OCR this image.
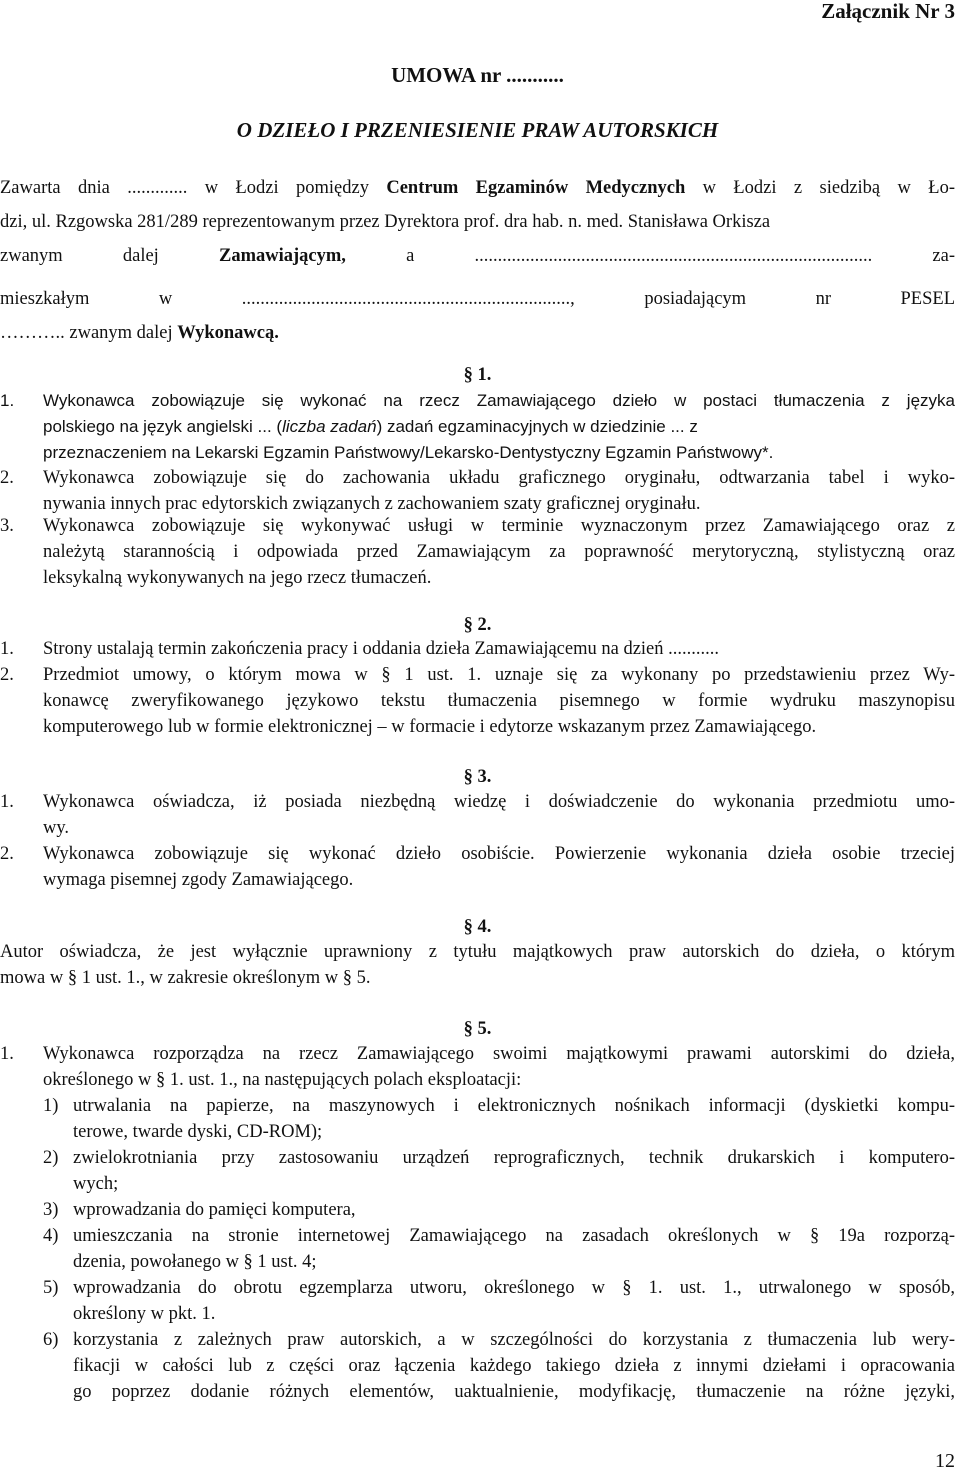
Załącznik Nr 3
UMOWA nr ...........
O DZIEŁO I PRZENIESIENIE PRAW AUTORSKICH
Zawarta dnia ............. w Łodzi pomiędzy Centrum Egzaminów Medycznych w Łodzi z siedzibą w Ło-
dzi, ul. Rzgowska 281/289 reprezentowanym przez Dyrektora prof. dra hab. n. med. Stanisława Orkisza
zwanym dalej Zamawiającym, a ...................................................................................... za-
mieszkałym w ......................................................................., posiadającym nr PESEL
……….. zwanym dalej Wykonawcą.
§ 1.
1.	Wykonawca zobowiązuje się wykonać na rzecz Zamawiającego dzieło w postaci tłumaczenia z języka
polskiego na język angielski ... (liczba zadań) zadań egzaminacyjnych w dziedzinie ... z
przeznaczeniem na Lekarski Egzamin Państwowy/Lekarsko-Dentystyczny Egzamin Państwowy*.
2.	Wykonawca zobowiązuje się do zachowania układu graficznego oryginału, odtwarzania tabel i wyko-
nywania innych prac edytorskich związanych z zachowaniem szaty graficznej oryginału.
3.	Wykonawca zobowiązuje się wykonywać usługi w terminie wyznaczonym przez Zamawiającego oraz z
należytą starannością i odpowiada przed Zamawiającym za poprawność merytoryczną, stylistyczną oraz
leksykalną wykonywanych na jego rzecz tłumaczeń.
§ 2.
1.	Strony ustalają termin zakończenia pracy i oddania dzieła Zamawiającemu na dzień ...........
2.	Przedmiot umowy, o którym mowa w § 1 ust. 1. uznaje się za wykonany po przedstawieniu przez Wy-
konawcę zweryfikowanego językowo tekstu tłumaczenia pisemnego w formie wydruku maszynopisu
komputerowego lub w formie elektronicznej – w formacie i edytorze wskazanym przez Zamawiającego.
§ 3.
1.	Wykonawca oświadcza, iż posiada niezbędną wiedzę i doświadczenie do wykonania przedmiotu umo-
wy.
2.	Wykonawca zobowiązuje się wykonać dzieło osobiście. Powierzenie wykonania dzieła osobie trzeciej
wymaga pisemnej zgody Zamawiającego.
§ 4.
Autor oświadcza, że jest wyłącznie uprawniony z tytułu majątkowych praw autorskich do dzieła, o którym
mowa w § 1 ust. 1., w zakresie określonym w § 5.
§ 5.
1.	Wykonawca rozporządza na rzecz Zamawiającego swoimi majątkowymi prawami autorskimi do dzieła,
określonego w § 1. ust. 1., na następujących polach eksploatacji:
1) utrwalania na papierze, na maszynowych i elektronicznych nośnikach informacji (dyskietki kompu-
terowe, twarde dyski, CD-ROM);
2) zwielokrotniania przy zastosowaniu urządzeń reprograficznych, technik drukarskich i komputero-
wych;
3) wprowadzania do pamięci komputera,
4) umieszczania na stronie internetowej Zamawiającego na zasadach określonych w § 19a rozporzą-
dzenia, powołanego w § 1 ust. 4;
5) wprowadzania do obrotu egzemplarza utworu, określonego w § 1. ust. 1., utrwalonego w sposób,
określony w pkt. 1.
6) korzystania z zależnych praw autorskich, a w szczególności do korzystania z tłumaczenia lub wery-
fikacji w całości lub z części oraz łączenia każdego takiego dzieła z innymi dziełami i opracowania
go poprzez dodanie różnych elementów, uaktualnienie, modyfikację, tłumaczenie na różne języki,
12
